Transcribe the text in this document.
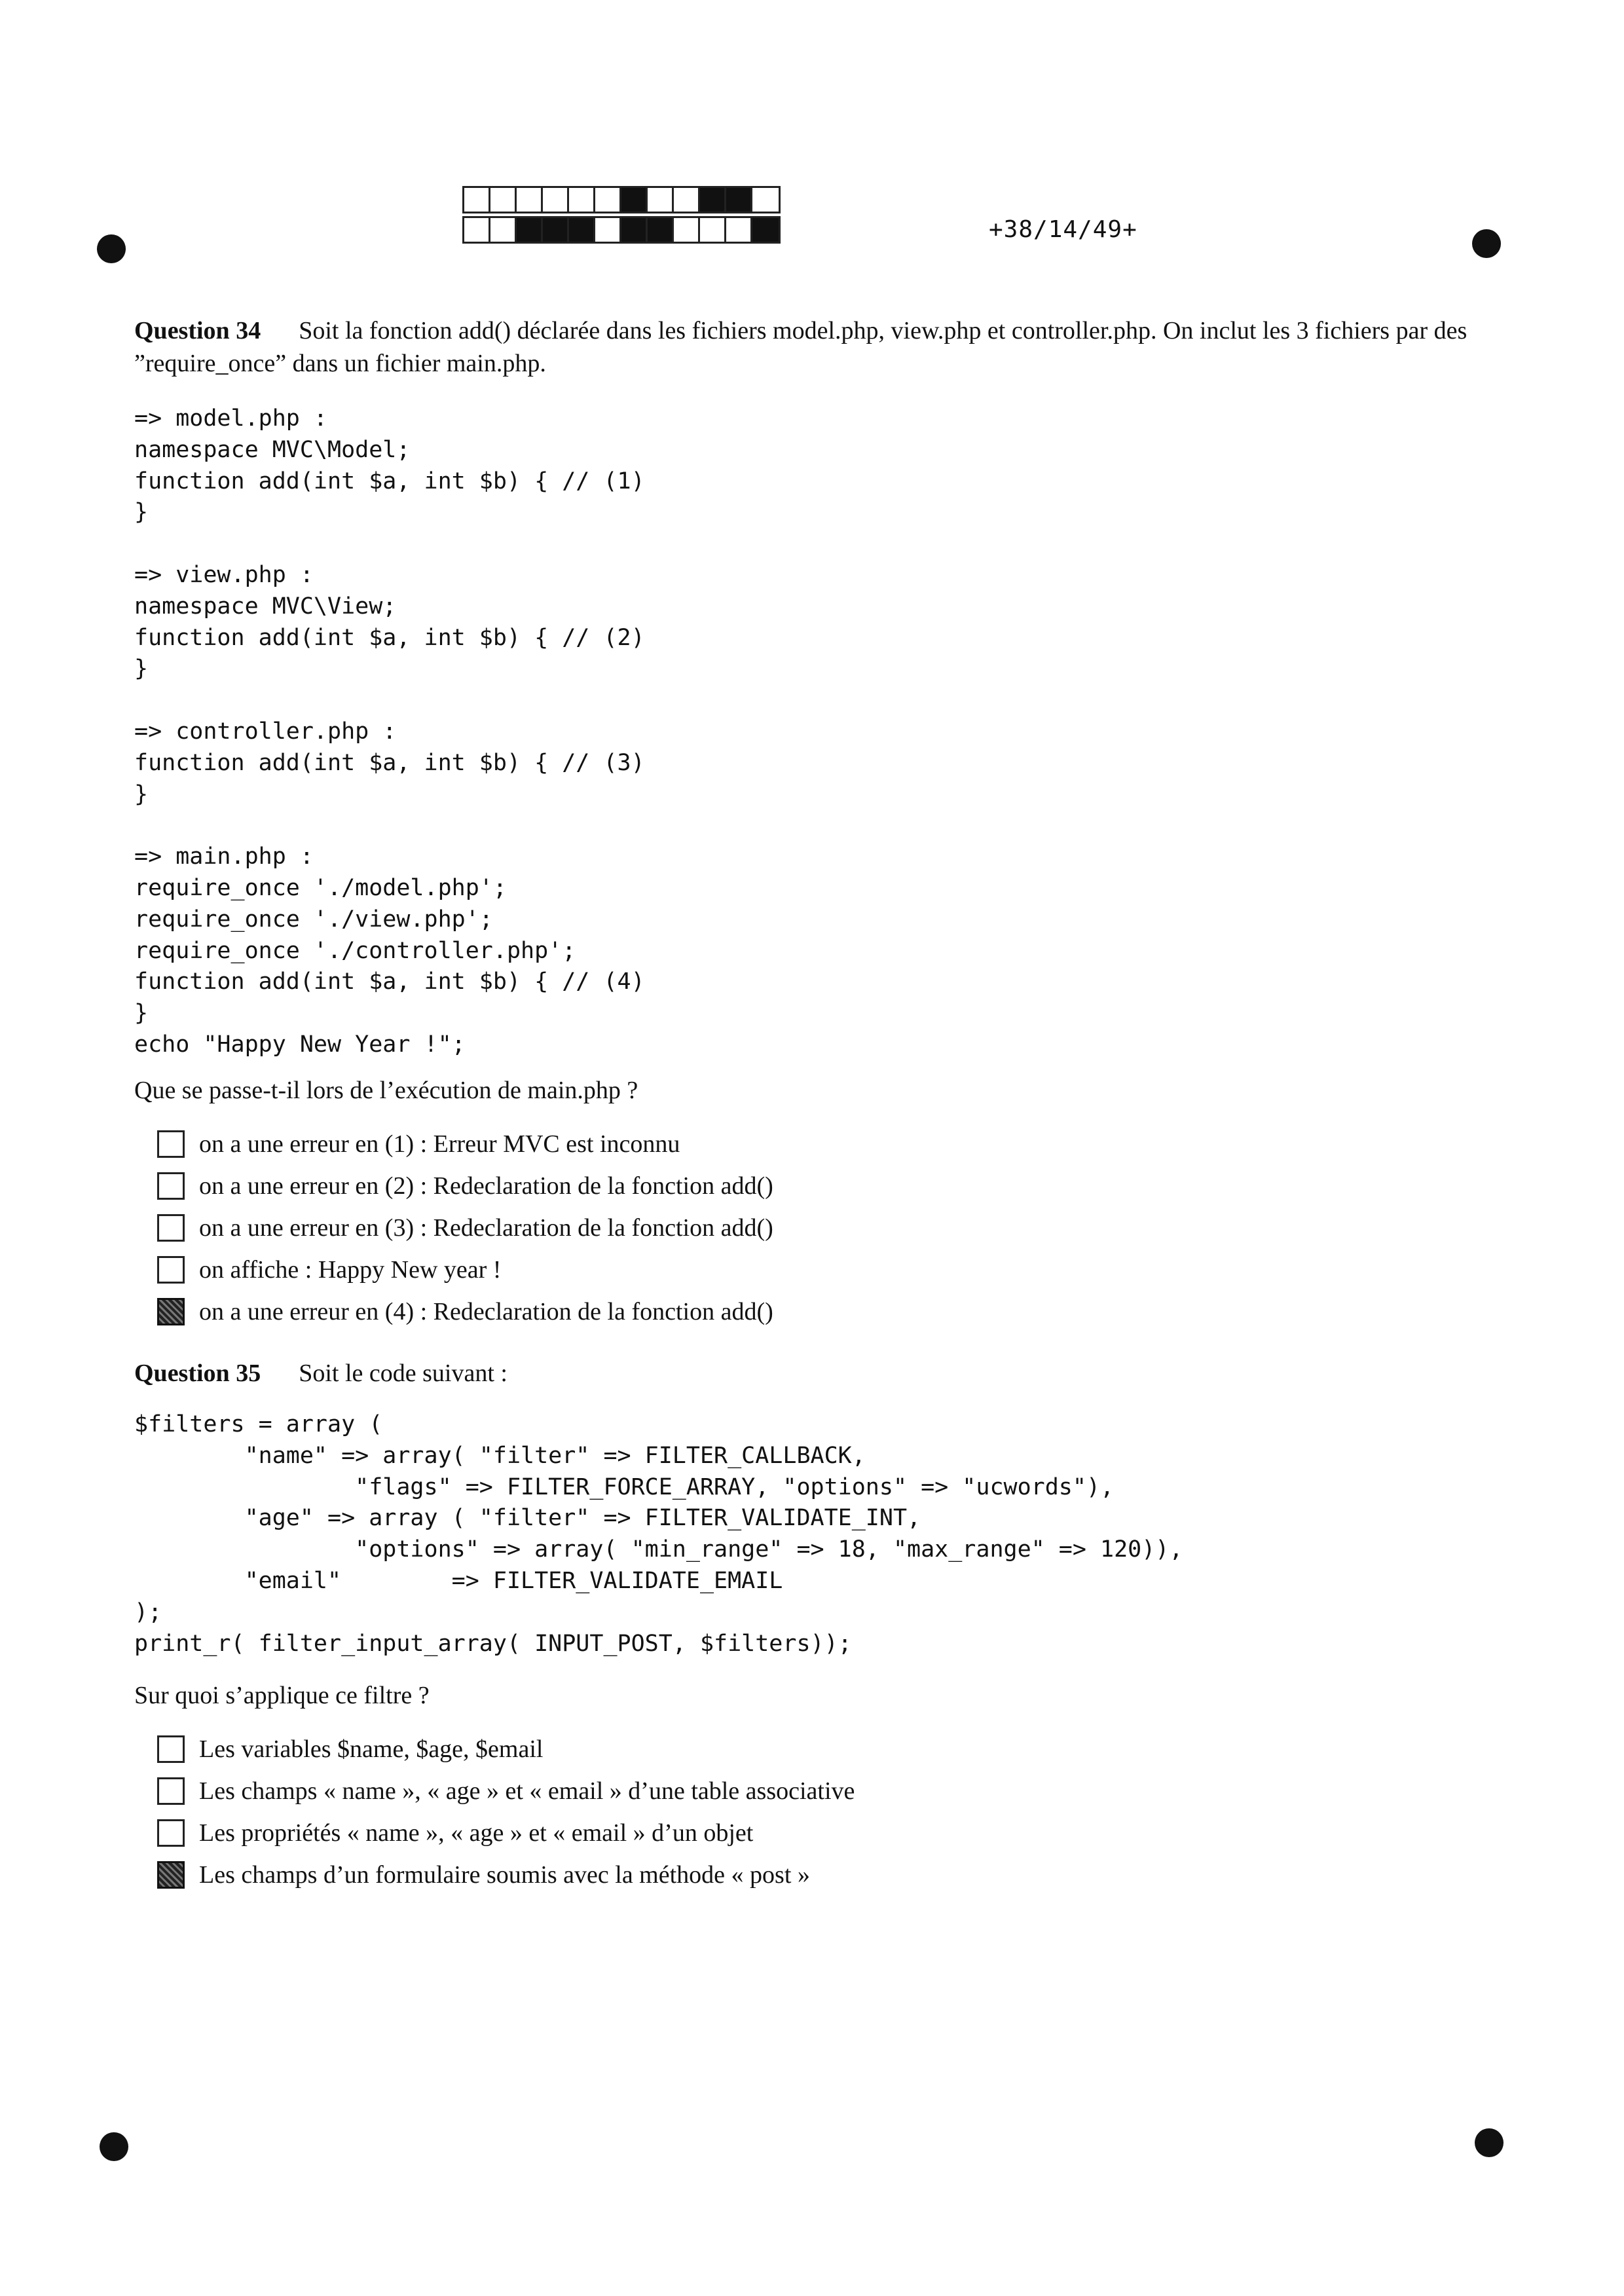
+38/14/49+
Question 34 Soit la fonction add() déclarée dans les fichiers model.php, view.php et controller.php. On inclut les 3 fichiers par des ”require_once” dans un fichier main.php.
=> model.php :
namespace MVC\Model;
function add(int $a, int $b) { // (1)
}

=> view.php :
namespace MVC\View;
function add(int $a, int $b) { // (2)
}

=> controller.php :
function add(int $a, int $b) { // (3)
}

=> main.php :
require_once './model.php';
require_once './view.php';
require_once './controller.php';
function add(int $a, int $b) { // (4)
}
echo "Happy New Year !";
Que se passe-t-il lors de l’exécution de main.php ?
on a une erreur en (1) : Erreur MVC est inconnu
on a une erreur en (2) : Redeclaration de la fonction add()
on a une erreur en (3) : Redeclaration de la fonction add()
on affiche : Happy New year !
on a une erreur en (4) : Redeclaration de la fonction add()
Question 35 Soit le code suivant :
$filters = array (
"name" => array( "filter" => FILTER_CALLBACK,
"flags" => FILTER_FORCE_ARRAY, "options" => "ucwords"),
"age" => array ( "filter" => FILTER_VALIDATE_INT,
"options" => array( "min_range" => 18, "max_range" => 120)),
"email"        => FILTER_VALIDATE_EMAIL
);
print_r( filter_input_array( INPUT_POST, $filters));
Sur quoi s’applique ce filtre ?
Les variables $name, $age, $email
Les champs « name », « age » et « email » d’une table associative
Les propriétés « name », « age » et « email » d’un objet
Les champs d’un formulaire soumis avec la méthode « post »
